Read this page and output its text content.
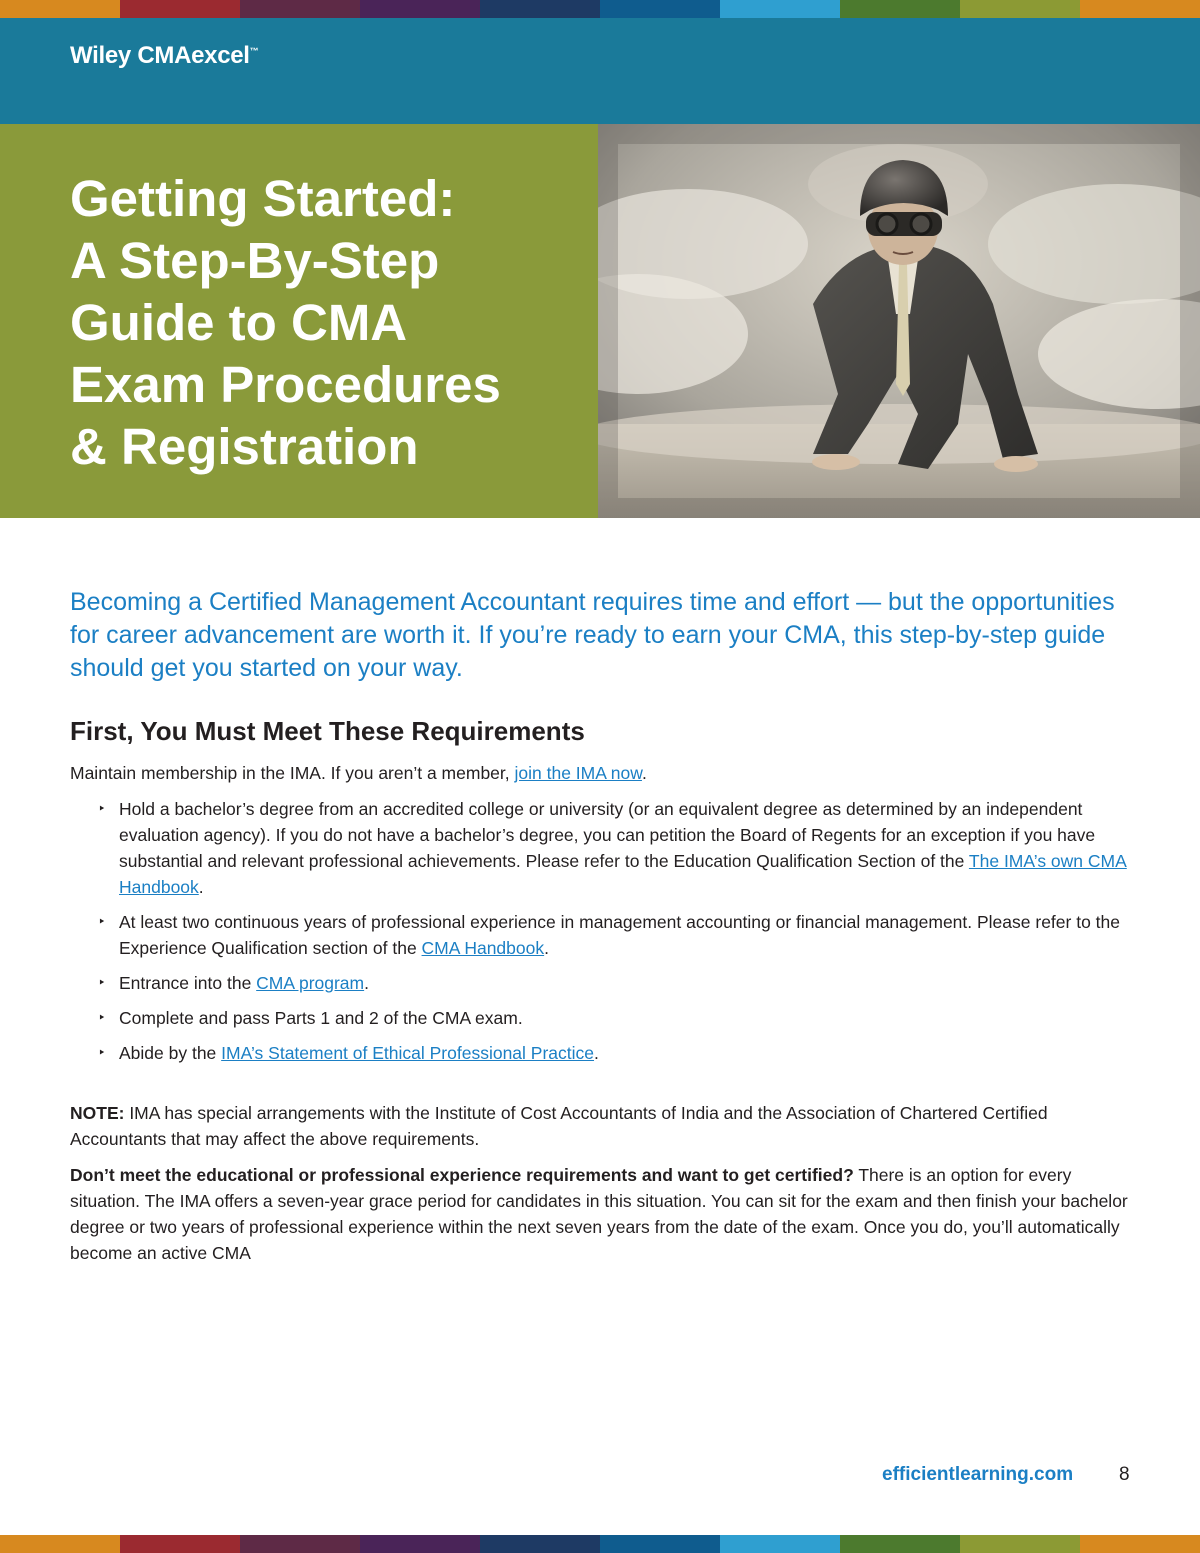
Wiley CMAexcel™
Getting Started:
A Step-By-Step
Guide to CMA
Exam Procedures
& Registration

Becoming a Certified Management Accountant requires time and effort — but the opportunities for career advancement are worth it. If you’re ready to earn your CMA, this step-by-step guide should get you started on your way.

First, You Must Meet These Requirements

Maintain membership in the IMA. If you aren’t a member, join the IMA now.

‣ Hold a bachelor’s degree from an accredited college or university (or an equivalent degree as determined by an independent evaluation agency). If you do not have a bachelor’s degree, you can petition the Board of Regents for an exception if you have substantial and relevant professional achievements. Please refer to the Education Qualification Section of the The IMA’s own CMA Handbook.
‣ At least two continuous years of professional experience in management accounting or financial management. Please refer to the Experience Qualification section of the CMA Handbook.
‣ Entrance into the CMA program.
‣ Complete and pass Parts 1 and 2 of the CMA exam.
‣ Abide by the IMA’s Statement of Ethical Professional Practice.

NOTE: IMA has special arrangements with the Institute of Cost Accountants of India and the Association of Chartered Certified Accountants that may affect the above requirements.

Don’t meet the educational or professional experience requirements and want to get certified? There is an option for every situation. The IMA offers a seven-year grace period for candidates in this situation. You can sit for the exam and then finish your bachelor degree or two years of professional experience within the next seven years from the date of the exam. Once you do, you’ll automatically become an active CMA

efficientlearning.com 8
